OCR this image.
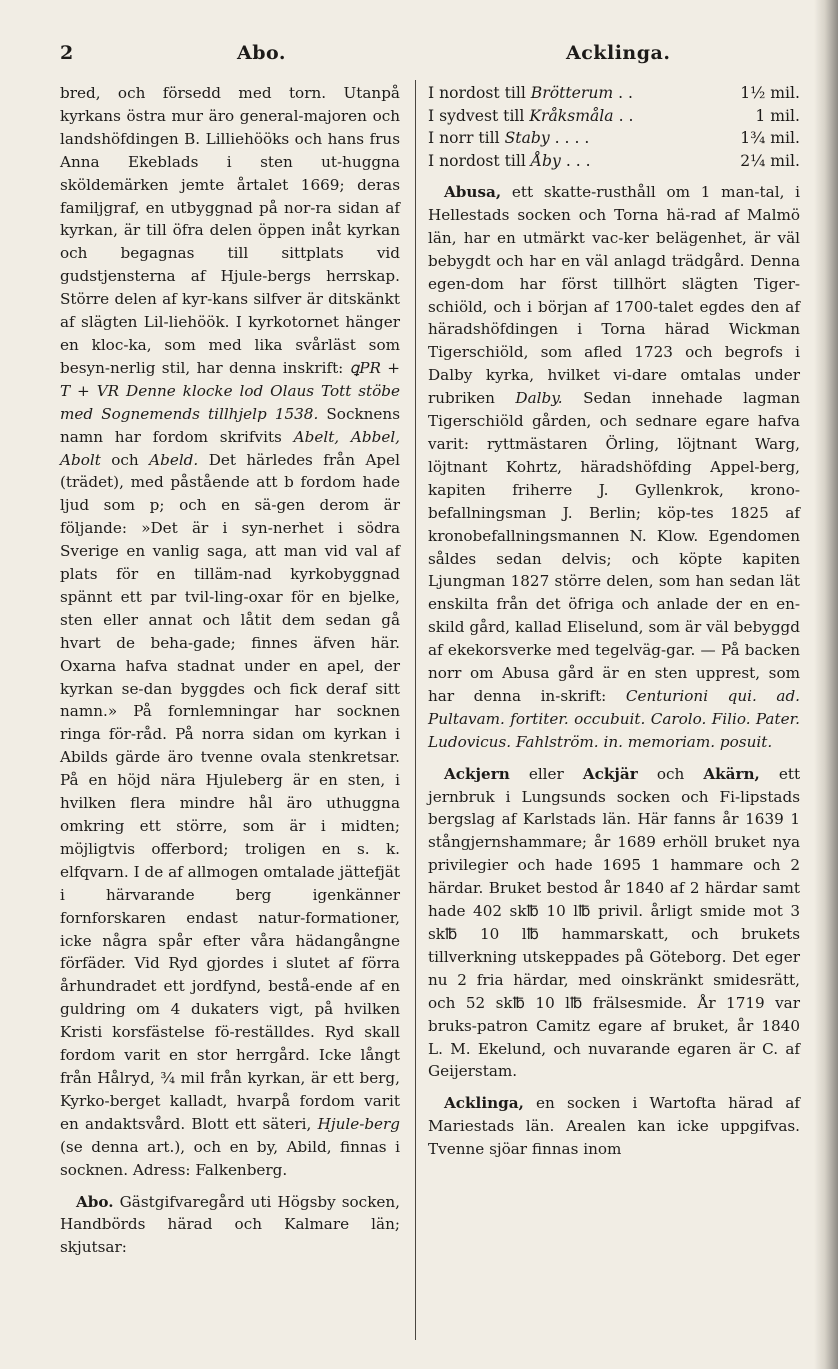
2	Abo.	Acklinga.

bred, och försedd med torn. Utanpå kyrkans östra mur äro general-majoren och landshöfdingen B. Lilliehööks och hans frus Anna Ekeblads i sten ut-huggna sköldemärken jemte årtalet 1669; deras familjgraf, en utbyggnad på nor-ra sidan af kyrkan, är till öfra delen öppen inåt kyrkan och begagnas till sittplats vid gudstjensterna af Hjule-bergs herrskap. Större delen af kyr-kans silfver är ditskänkt af slägten Lil-liehöök. I kyrkotornet hänger en kloc-ka, som med lika svårläst som besyn-nerlig stil, har denna inskrift: ꝗPR + T + VR Denne klocke lod Olaus Tott stöbe med Sognemends tillhjelp 1538. Socknens namn har fordom skrifvits Abelt, Abbel, Abolt och Abeld. Det härledes från Apel (trädet), med påstående att b fordom hade ljud som p; och en sä-gen derom är följande: »Det är i syn-nerhet i södra Sverige en vanlig saga, att man vid val af plats för en tilläm-nad kyrkobyggnad spännt ett par tvil-ling-oxar för en bjelke, sten eller annat och låtit dem sedan gå hvart de beha-gade; finnes äfven här. Oxarna hafva stadnat under en apel, der kyrkan se-dan byggdes och fick deraf sitt namn.» På fornlemningar har socknen ringa för-råd. På norra sidan om kyrkan i Abilds gärde äro tvenne ovala stenkretsar. På en höjd nära Hjuleberg är en sten, i hvilken flera mindre hål äro uthuggna omkring ett större, som är i midten; möjligtvis offerbord; troligen en s. k. elfqvarn. I de af allmogen omtalade jättefjät i härvarande berg igenkänner fornforskaren endast natur-formationer, icke några spår efter våra hädangångne förfäder. Vid Ryd gjordes i slutet af förra århundradet ett jordfynd, bestå-ende af en guldring om 4 dukaters vigt, på hvilken Kristi korsfästelse fö-reställdes. Ryd skall fordom varit en stor herrgård. Icke långt från Hålryd, ¾ mil från kyrkan, är ett berg, Kyrko-berget kalladt, hvarpå fordom varit en andaktsvård. Blott ett säteri, Hjule-berg (se denna art.), och en by, Abild, finnas i socknen. Adress: Falkenberg.

Abo. Gästgifvaregård uti Högsby socken, Handbörds härad och Kalmare län; skjutsar:

I nordost till Brötterum . .	1½ mil.
I sydvest till Kråksmåla . .	1 mil.
I norr till Staby . . . .	1¾ mil.
I nordost till Åby . . .	2¼ mil.

Abusa, ett skatte-rusthåll om 1 man-tal, i Hellestads socken och Torna hä-rad af Malmö län, har en utmärkt vac-ker belägenhet, är väl bebygdt och har en väl anlagd trädgård. Denna egen-dom har först tillhört slägten Tiger-schiöld, och i början af 1700-talet egdes den af häradshöfdingen i Torna härad Wickman Tigerschiöld, som afled 1723 och begrofs i Dalby kyrka, hvilket vi-dare omtalas under rubriken Dalby. Sedan innehade lagman Tigerschiöld gården, och sednare egare hafva varit: ryttmästaren Örling, löjtnant Warg, löjtnant Kohrtz, häradshöfding Appel-berg, kapiten friherre J. Gyllenkrok, krono-befallningsman J. Berlin; köp-tes 1825 af kronobefallningsmannen N. Klow. Egendomen såldes sedan delvis; och köpte kapiten Ljungman 1827 större delen, som han sedan lät enskilta från det öfriga och anlade der en en-skild gård, kallad Eliselund, som är väl bebyggd af ekekorsverke med tegelväg-gar. — På backen norr om Abusa gård är en sten upprest, som har denna in-skrift: Centurioni qui. ad. Pultavam. fortiter. occubuit. Carolo. Filio. Pater. Ludovicus. Fahlström. in. memoriam. posuit.

Ackjern eller Ackjär och Akärn, ett jernbruk i Lungsunds socken och Fi-lipstads bergslag af Karlstads län. Här fanns år 1639 1 stångjernshammare; år 1689 erhöll bruket nya privilegier och hade 1695 1 hammare och 2 härdar. Bruket bestod år 1840 af 2 härdar samt hade 402 sk℔ 10 l℔ privil. årligt smide mot 3 sk℔ 10 l℔ hammarskatt, och brukets tillverkning utskeppades på Göteborg. Det eger nu 2 fria härdar, med oinskränkt smidesrätt, och 52 sk℔ 10 l℔ frälsesmide. År 1719 var bruks-patron Camitz egare af bruket, år 1840 L. M. Ekelund, och nuvarande egaren är C. af Geijerstam.

Acklinga, en socken i Wartofta härad af Mariestads län. Arealen kan icke uppgifvas. Tvenne sjöar finnas inom
